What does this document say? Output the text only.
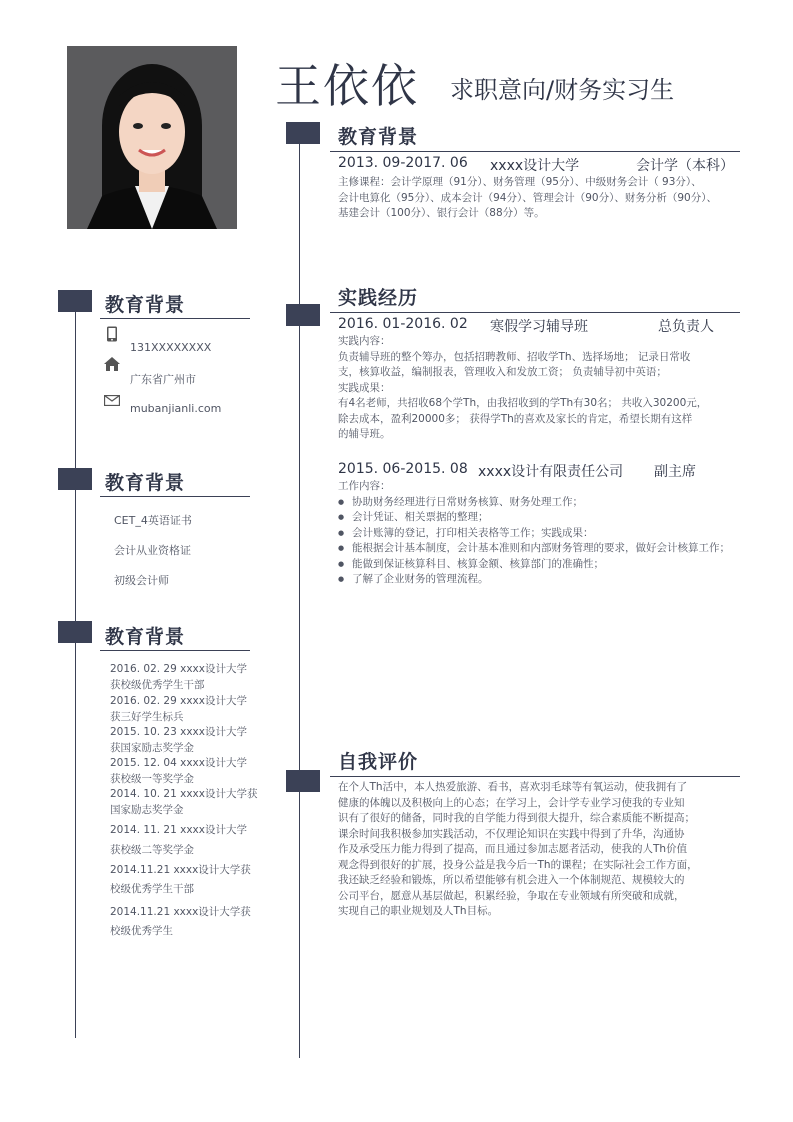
王依依 求职意向/财务实习生
教育背景
2013. 09-2017. 06 xxxx设计大学	会计学（本科）
主修课程：会计学原理（91分）、财务管理（95分）、中级财务会计（ 93分）、
会计电算化（95分）、成本会计（94分）、管理会计（90分）、财务分析（90分）、
基建会计（100分）、银行会计（88分）等。
实践经历
2016. 01-2016. 02 寒假学习辅导班	总负责人
实践内容：
负责辅导班的整个筹办，包括招聘教师、招收学Th、选择场地； 记录日常收
支，核算收益，编制报表，管理收入和发放工资； 负责辅导初中英语；
实践成果：
有4名老师，共招收68个学Th，由我招收到的学Th有30名； 共收入30200元，
除去成本，盈利20000多； 获得学Th的喜欢及家长的肯定，希望长期有这样
的辅导班。
2015. 06-2015. 08 xxxx设计有限责任公司 副主席
工作内容：
● 协助财务经理进行日常财务核算、财务处理工作；
● 会计凭证、相关票据的整理；
● 会计账簿的登记，打印相关表格等工作；实践成果：
● 能根据会计基本制度，会计基本准则和内部财务管理的要求，做好会计核算工作；
● 能做到保证核算科目、核算金额、核算部门的准确性；
● 了解了企业财务的管理流程。
自我评价
在个人Th活中，本人热爱旅游、看书，喜欢羽毛球等有氧运动，使我拥有了
健康的体魄以及积极向上的心态；在学习上，会计学专业学习使我的专业知
识有了很好的储备，同时我的自学能力得到很大提升，综合素质能不断提高；
课余时间我积极参加实践活动，不仅理论知识在实践中得到了升华，沟通协
作及承受压力能力得到了提高，而且通过参加志愿者活动，使我的人Th价值
观念得到很好的扩展，投身公益是我今后一Th的课程；在实际社会工作方面，
我还缺乏经验和锻炼，所以希望能够有机会进入一个体制规范、规模较大的
公司平台，愿意从基层做起，积累经验，争取在专业领域有所突破和成就，
实现自己的职业规划及人Th目标。
教育背景
131XXXXXXXX
广东省广州市
mubanjianli.com
教育背景
CET_4英语证书
会计从业资格证
初级会计师
教育背景
2016. 02. 29 xxxx设计大学
获校级优秀学生干部
2016. 02. 29 xxxx设计大学
获三好学生标兵
2015. 10. 23 xxxx设计大学
获国家励志奖学金
2015. 12. 04 xxxx设计大学
获校级一等奖学金
2014. 10. 21 xxxx设计大学获
国家励志奖学金
2014. 11. 21 xxxx设计大学
获校级二等奖学金
2014.11.21 xxxx设计大学获
校级优秀学生干部
2014.11.21 xxxx设计大学获
校级优秀学生
